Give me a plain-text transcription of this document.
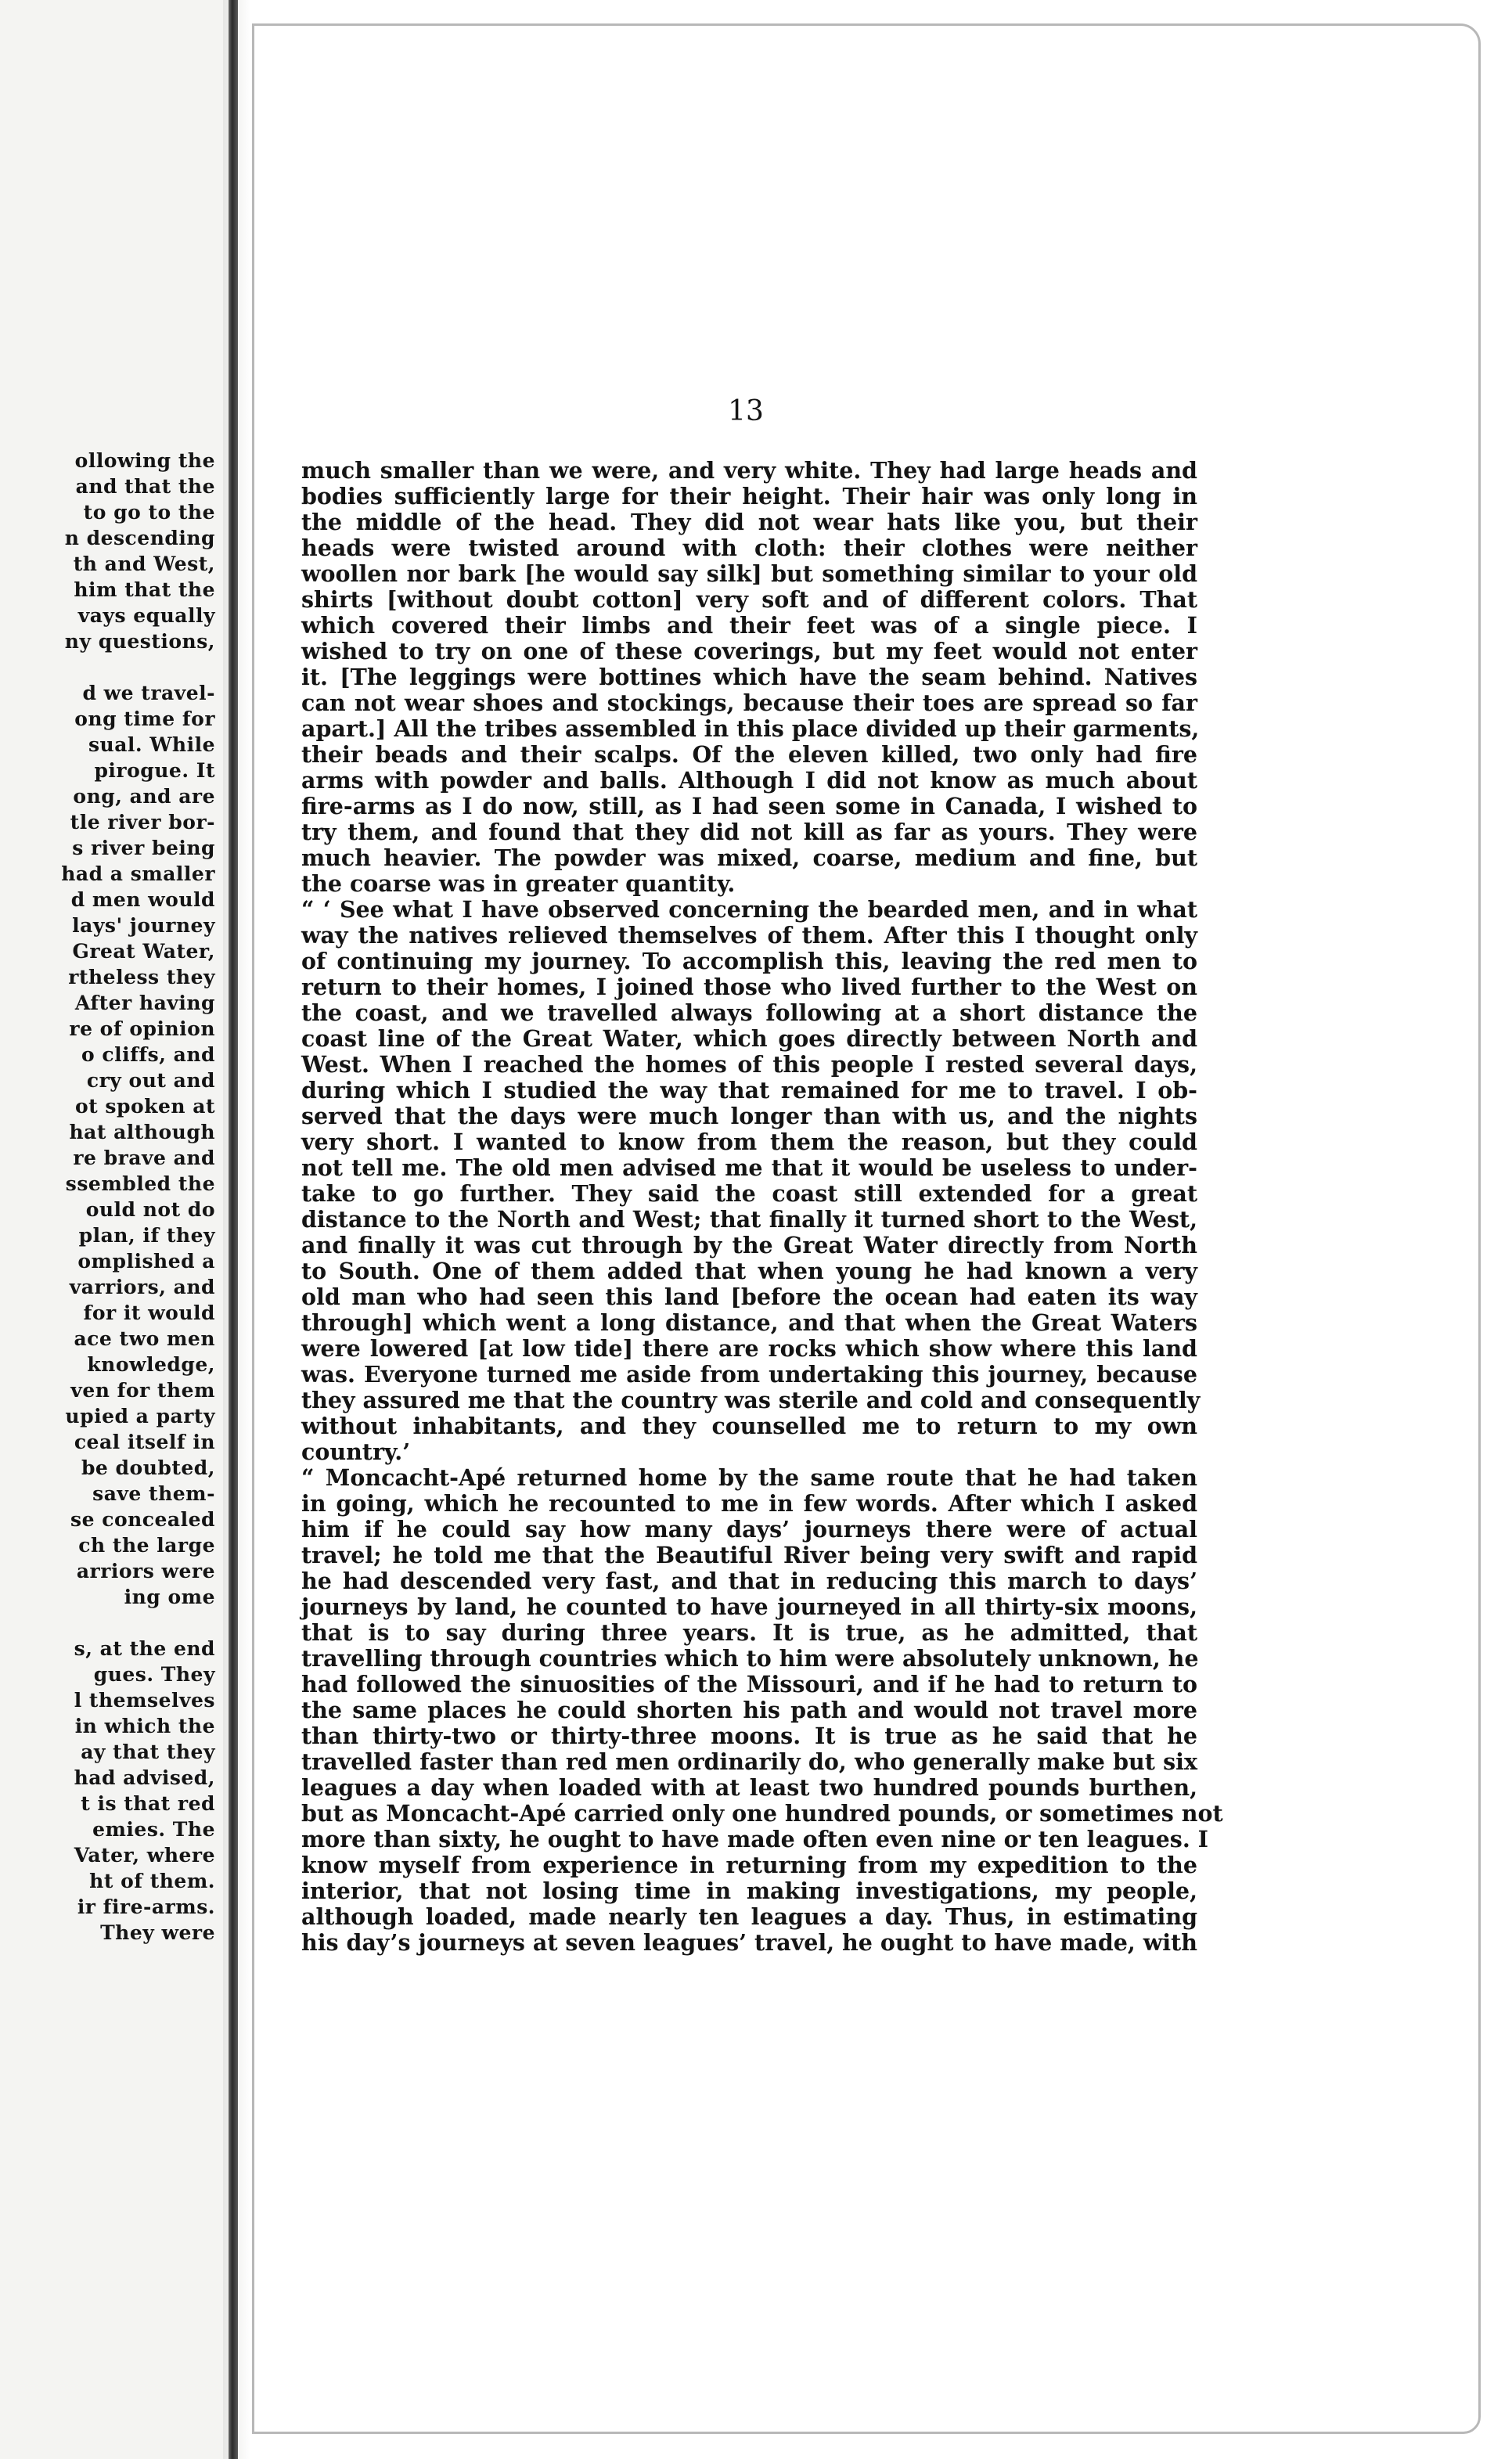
ollowing the
and that the
to go to the
n descending
th and West,
him that the
vays equally
ny questions,
d we travel-
ong time for
sual. While
pirogue. It
ong, and are
tle river bor-
s river being
had a smaller
d men would
lays' journey
Great Water,
rtheless they
After having
re of opinion
o cliffs, and
cry out and
ot spoken at
hat although
re brave and
ssembled the
ould not do
plan, if they
omplished a
varriors, and
for it would
ace two men
knowledge,
ven for them
upied a party
ceal itself in
be doubted,
save them-
se concealed
ch the large
arriors were
ing ome
s, at the end
gues. They
l themselves
in which the
ay that they
had advised,
t is that red
emies. The
Vater, where
ht of them.
ir fire-arms.
They were
13
much smaller than we were, and very white. They had large heads and
bodies sufficiently large for their height. Their hair was only long in
the middle of the head. They did not wear hats like you, but their
heads were twisted around with cloth: their clothes were neither
woollen nor bark [he would say silk] but something similar to your old
shirts [without doubt cotton] very soft and of different colors. That
which covered their limbs and their feet was of a single piece. I
wished to try on one of these coverings, but my feet would not enter
it. [The leggings were bottines which have the seam behind. Natives
can not wear shoes and stockings, because their toes are spread so far
apart.] All the tribes assembled in this place divided up their garments,
their beads and their scalps. Of the eleven killed, two only had fire
arms with powder and balls. Although I did not know as much about
fire-arms as I do now, still, as I had seen some in Canada, I wished to
try them, and found that they did not kill as far as yours. They were
much heavier. The powder was mixed, coarse, medium and fine, but
the coarse was in greater quantity.
“ ‘ See what I have observed concerning the bearded men, and in what
way the natives relieved themselves of them. After this I thought only
of continuing my journey. To accomplish this, leaving the red men to
return to their homes, I joined those who lived further to the West on
the coast, and we travelled always following at a short distance the
coast line of the Great Water, which goes directly between North and
West. When I reached the homes of this people I rested several days,
during which I studied the way that remained for me to travel. I ob-
served that the days were much longer than with us, and the nights
very short. I wanted to know from them the reason, but they could
not tell me. The old men advised me that it would be useless to under-
take to go further. They said the coast still extended for a great
distance to the North and West; that finally it turned short to the West,
and finally it was cut through by the Great Water directly from North
to South. One of them added that when young he had known a very
old man who had seen this land [before the ocean had eaten its way
through] which went a long distance, and that when the Great Waters
were lowered [at low tide] there are rocks which show where this land
was. Everyone turned me aside from undertaking this journey, because
they assured me that the country was sterile and cold and consequently
without inhabitants, and they counselled me to return to my own
country.’
“ Moncacht-Apé returned home by the same route that he had taken
in going, which he recounted to me in few words. After which I asked
him if he could say how many days’ journeys there were of actual
travel; he told me that the Beautiful River being very swift and rapid
he had descended very fast, and that in reducing this march to days’
journeys by land, he counted to have journeyed in all thirty-six moons,
that is to say during three years. It is true, as he admitted, that
travelling through countries which to him were absolutely unknown, he
had followed the sinuosities of the Missouri, and if he had to return to
the same places he could shorten his path and would not travel more
than thirty-two or thirty-three moons. It is true as he said that he
travelled faster than red men ordinarily do, who generally make but six
leagues a day when loaded with at least two hundred pounds burthen,
but as Moncacht-Apé carried only one hundred pounds, or sometimes not
more than sixty, he ought to have made often even nine or ten leagues. I
know myself from experience in returning from my expedition to the
interior, that not losing time in making investigations, my people,
although loaded, made nearly ten leagues a day. Thus, in estimating
his day’s journeys at seven leagues’ travel, he ought to have made, with
